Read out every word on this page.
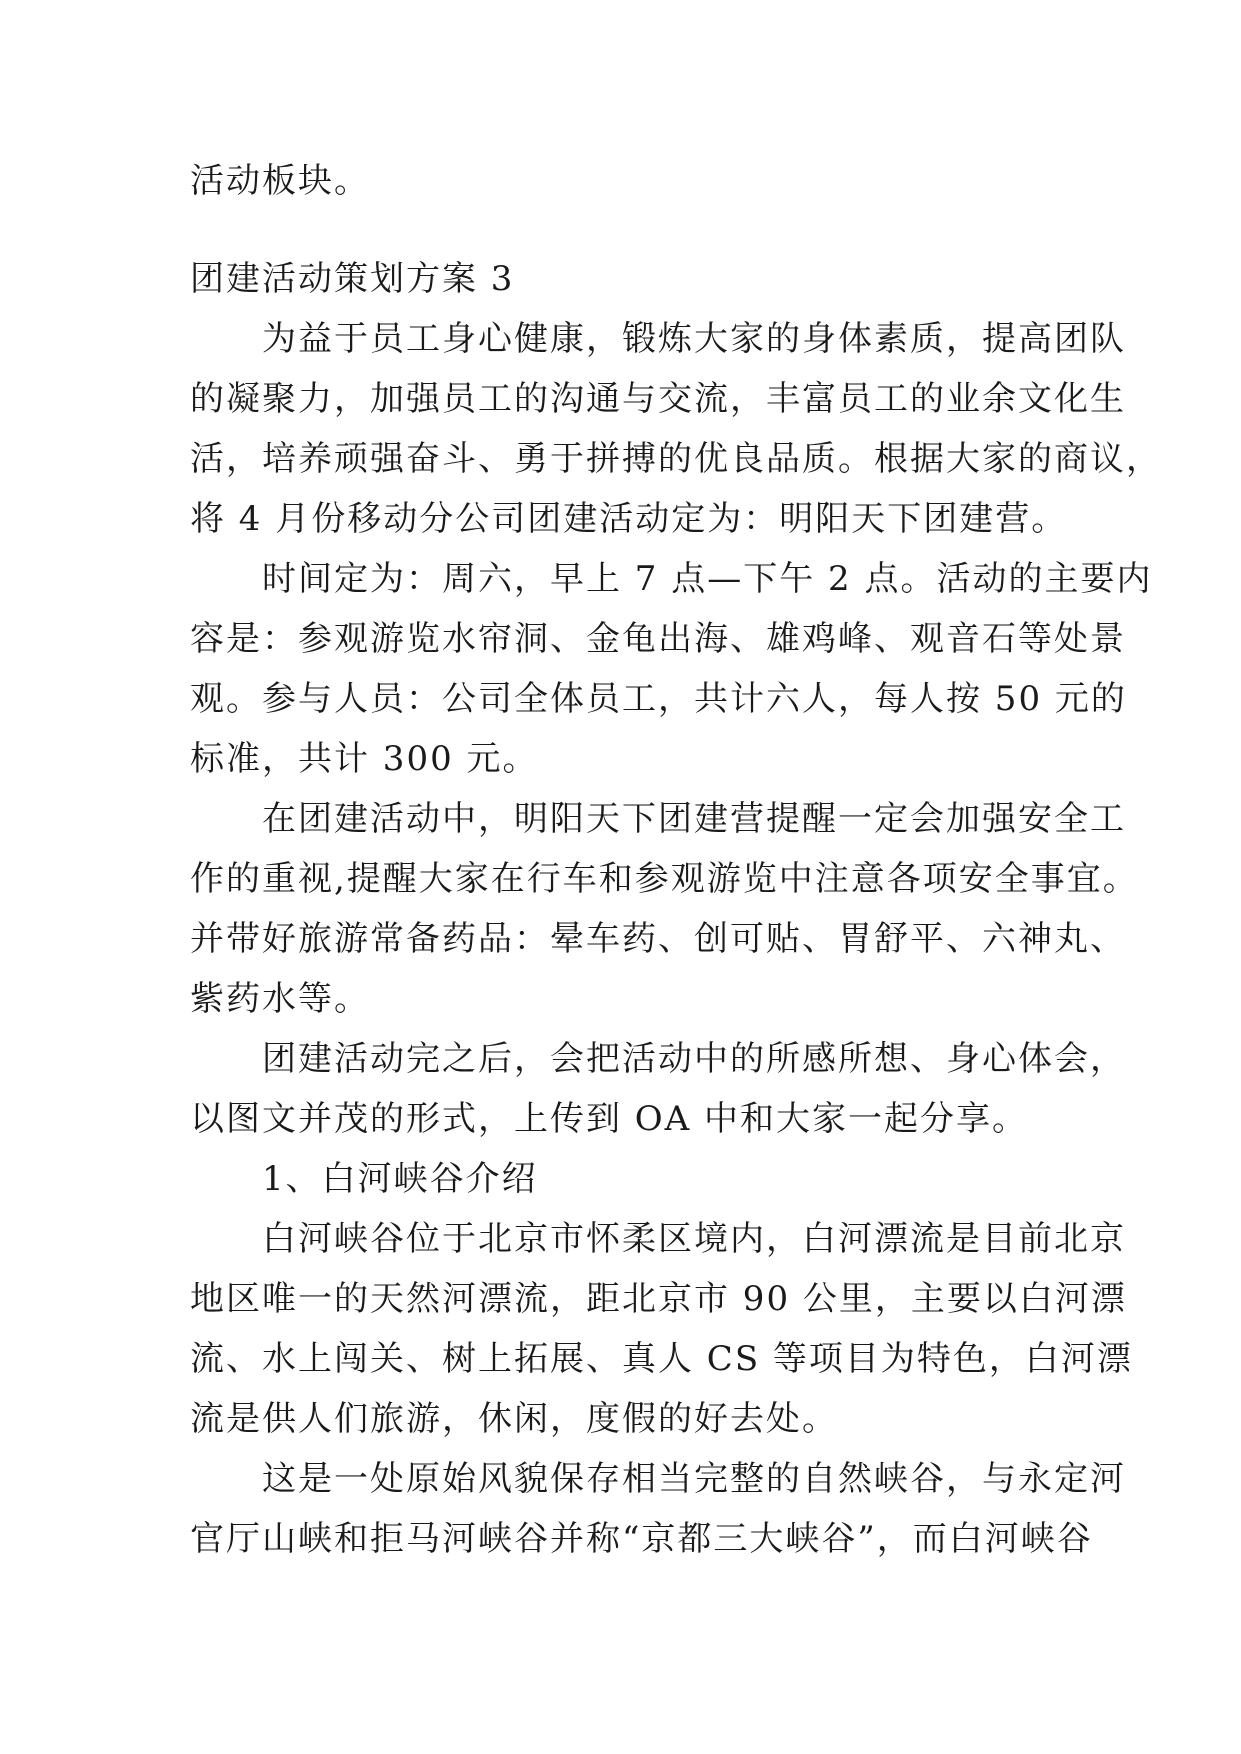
活动板块。
团建活动策划方案 3
为益于员工身心健康，锻炼大家的身体素质，提高团队
的凝聚力，加强员工的沟通与交流，丰富员工的业余文化生
活，培养顽强奋斗、勇于拼搏的优良品质。根据大家的商议，
将 4 月份移动分公司团建活动定为：明阳天下团建营。
时间定为：周六，早上 7 点—下午 2 点。活动的主要内
容是：参观游览水帘洞、金龟出海、雄鸡峰、观音石等处景
观。参与人员：公司全体员工，共计六人，每人按 50 元的
标准，共计 300 元。
在团建活动中，明阳天下团建营提醒一定会加强安全工
作的重视,提醒大家在行车和参观游览中注意各项安全事宜。
并带好旅游常备药品：晕车药、创可贴、胃舒平、六神丸、
紫药水等。
团建活动完之后，会把活动中的所感所想、身心体会，
以图文并茂的形式，上传到 OA 中和大家一起分享。
1、白河峡谷介绍
白河峡谷位于北京市怀柔区境内，白河漂流是目前北京
地区唯一的天然河漂流，距北京市 90 公里，主要以白河漂
流、水上闯关、树上拓展、真人 CS 等项目为特色，白河漂
流是供人们旅游，休闲，度假的好去处。
这是一处原始风貌保存相当完整的自然峡谷，与永定河
官厅山峡和拒马河峡谷并称“京都三大峡谷”，而白河峡谷
